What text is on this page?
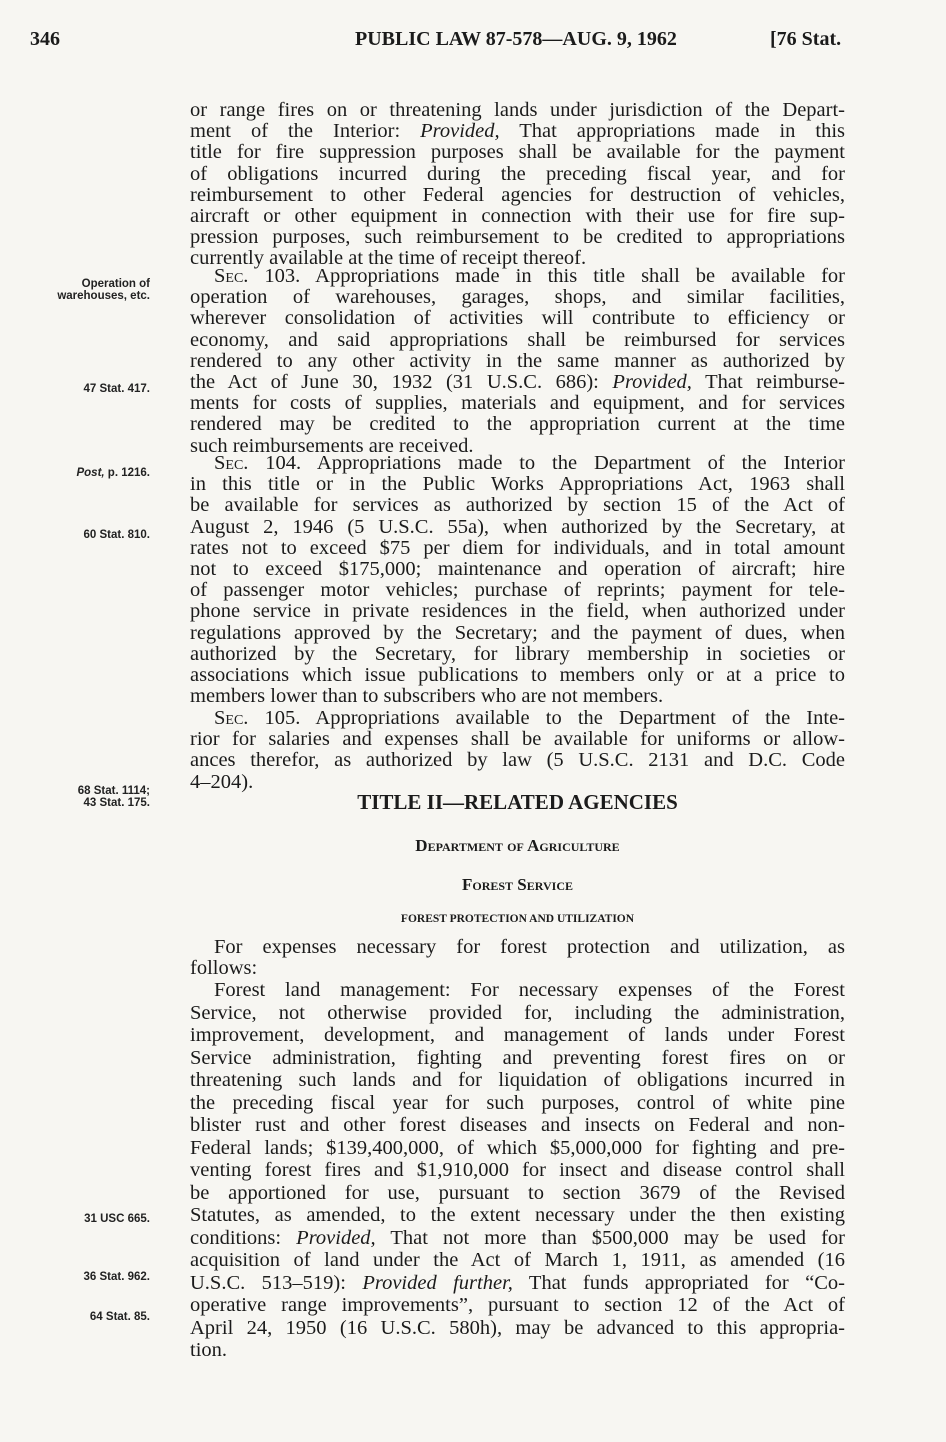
346	PUBLIC LAW 87-578—AUG. 9, 1962	[76 Stat.
Operation of
warehouses, etc.
47 Stat. 417.
Post, p. 1216.
60 Stat. 810.
68 Stat. 1114;
43 Stat. 175.
31 USC 665.
36 Stat. 962.
64 Stat. 85.
or range fires on or threatening lands under jurisdiction of the Depart-
ment of the Interior: Provided, That appropriations made in this
title for fire suppression purposes shall be available for the payment
of obligations incurred during the preceding fiscal year, and for
reimbursement to other Federal agencies for destruction of vehicles,
aircraft or other equipment in connection with their use for fire sup-
pression purposes, such reimbursement to be credited to appropriations
currently available at the time of receipt thereof.
Sec. 103. Appropriations made in this title shall be available for
operation of warehouses, garages, shops, and similar facilities,
wherever consolidation of activities will contribute to efficiency or
economy, and said appropriations shall be reimbursed for services
rendered to any other activity in the same manner as authorized by
the Act of June 30, 1932 (31 U.S.C. 686): Provided, That reimburse-
ments for costs of supplies, materials and equipment, and for services
rendered may be credited to the appropriation current at the time
such reimbursements are received.
Sec. 104. Appropriations made to the Department of the Interior
in this title or in the Public Works Appropriations Act, 1963 shall
be available for services as authorized by section 15 of the Act of
August 2, 1946 (5 U.S.C. 55a), when authorized by the Secretary, at
rates not to exceed $75 per diem for individuals, and in total amount
not to exceed $175,000; maintenance and operation of aircraft; hire
of passenger motor vehicles; purchase of reprints; payment for tele-
phone service in private residences in the field, when authorized under
regulations approved by the Secretary; and the payment of dues, when
authorized by the Secretary, for library membership in societies or
associations which issue publications to members only or at a price to
members lower than to subscribers who are not members.
Sec. 105. Appropriations available to the Department of the Inte-
rior for salaries and expenses shall be available for uniforms or allow-
ances therefor, as authorized by law (5 U.S.C. 2131 and D.C. Code
4–204).
For expenses necessary for forest protection and utilization, as
follows:
Forest land management: For necessary expenses of the Forest
Service, not otherwise provided for, including the administration,
improvement, development, and management of lands under Forest
Service administration, fighting and preventing forest fires on or
threatening such lands and for liquidation of obligations incurred in
the preceding fiscal year for such purposes, control of white pine
blister rust and other forest diseases and insects on Federal and non-
Federal lands; $139,400,000, of which $5,000,000 for fighting and pre-
venting forest fires and $1,910,000 for insect and disease control shall
be apportioned for use, pursuant to section 3679 of the Revised
Statutes, as amended, to the extent necessary under the then existing
conditions: Provided, That not more than $500,000 may be used for
acquisition of land under the Act of March 1, 1911, as amended (16
U.S.C. 513–519): Provided further, That funds appropriated for “Co-
operative range improvements”, pursuant to section 12 of the Act of
April 24, 1950 (16 U.S.C. 580h), may be advanced to this appropria-
tion.
TITLE II—RELATED AGENCIES
Department of Agriculture
Forest Service
FOREST PROTECTION AND UTILIZATION
